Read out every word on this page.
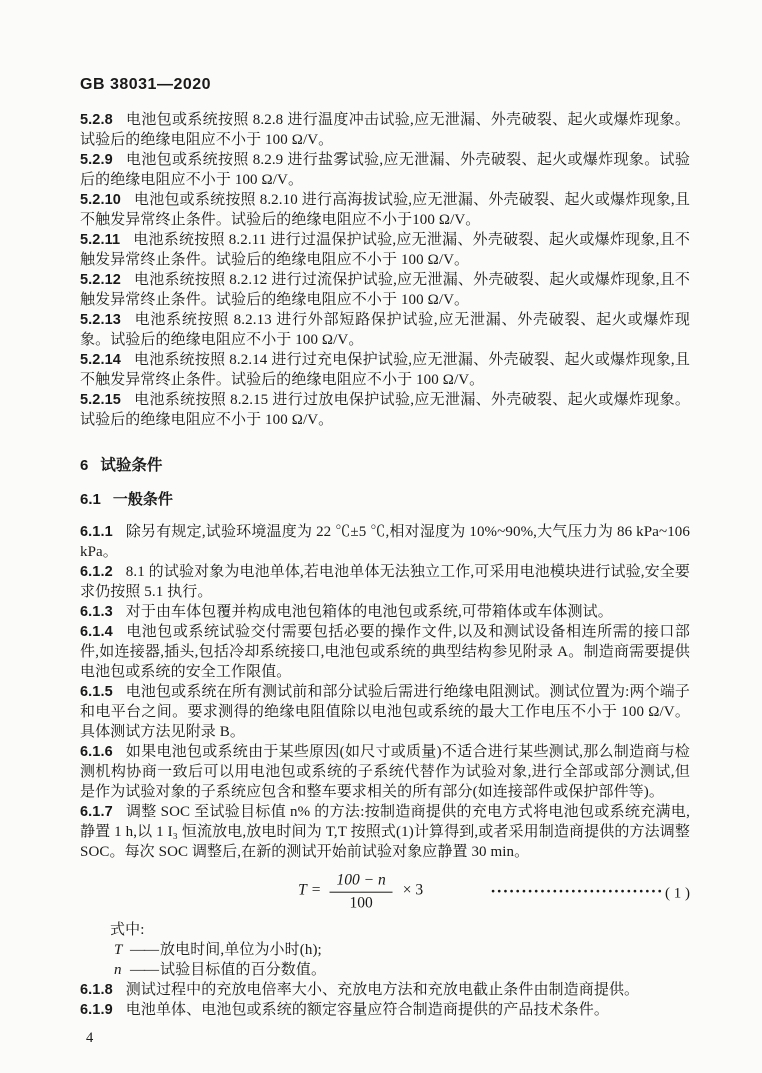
GB 38031—2020

5.2.8 电池包或系统按照 8.2.8 进行温度冲击试验,应无泄漏、外壳破裂、起火或爆炸现象。试验后的绝缘电阻应不小于 100 Ω/V。

5.2.9 电池包或系统按照 8.2.9 进行盐雾试验,应无泄漏、外壳破裂、起火或爆炸现象。试验后的绝缘电阻应不小于 100 Ω/V。

5.2.10 电池包或系统按照 8.2.10 进行高海拔试验,应无泄漏、外壳破裂、起火或爆炸现象,且不触发异常终止条件。试验后的绝缘电阻应不小于100 Ω/V。

5.2.11 电池系统按照 8.2.11 进行过温保护试验,应无泄漏、外壳破裂、起火或爆炸现象,且不触发异常终止条件。试验后的绝缘电阻应不小于 100 Ω/V。

5.2.12 电池系统按照 8.2.12 进行过流保护试验,应无泄漏、外壳破裂、起火或爆炸现象,且不触发异常终止条件。试验后的绝缘电阻应不小于 100 Ω/V。

5.2.13 电池系统按照 8.2.13 进行外部短路保护试验,应无泄漏、外壳破裂、起火或爆炸现象。试验后的绝缘电阻应不小于 100 Ω/V。

5.2.14 电池系统按照 8.2.14 进行过充电保护试验,应无泄漏、外壳破裂、起火或爆炸现象,且不触发异常终止条件。试验后的绝缘电阻应不小于 100 Ω/V。

5.2.15 电池系统按照 8.2.15 进行过放电保护试验,应无泄漏、外壳破裂、起火或爆炸现象。试验后的绝缘电阻应不小于 100 Ω/V。

6 试验条件
6.1 一般条件

6.1.1 除另有规定,试验环境温度为 22 ℃±5 ℃,相对湿度为 10%~90%,大气压力为 86 kPa~106 kPa。

6.1.2 8.1 的试验对象为电池单体,若电池单体无法独立工作,可采用电池模块进行试验,安全要求仍按照 5.1 执行。

6.1.3 对于由车体包覆并构成电池包箱体的电池包或系统,可带箱体或车体测试。

6.1.4 电池包或系统试验交付需要包括必要的操作文件,以及和测试设备相连所需的接口部件,如连接器,插头,包括冷却系统接口,电池包或系统的典型结构参见附录 A。制造商需要提供电池包或系统的安全工作限值。

6.1.5 电池包或系统在所有测试前和部分试验后需进行绝缘电阻测试。测试位置为:两个端子和电平台之间。要求测得的绝缘电阻值除以电池包或系统的最大工作电压不小于 100 Ω/V。具体测试方法见附录 B。

6.1.6 如果电池包或系统由于某些原因(如尺寸或质量)不适合进行某些测试,那么制造商与检测机构协商一致后可以用电池包或系统的子系统代替作为试验对象,进行全部或部分测试,但是作为试验对象的子系统应包含和整车要求相关的所有部分(如连接部件或保护部件等)。

6.1.7 调整 SOC 至试验目标值 n% 的方法:按制造商提供的充电方式将电池包或系统充满电,静置 1 h,以 1 I₃ 恒流放电,放电时间为 T,T 按照式(1)计算得到,或者采用制造商提供的方法调整 SOC。每次 SOC 调整后,在新的测试开始前试验对象应静置 30 min。

$T = \frac{100 - n}{100} \times 3$	···························· ( 1 )

式中:

T —— 放电时间,单位为小时(h);

n —— 试验目标值的百分数值。

6.1.8 测试过程中的充放电倍率大小、充放电方法和充放电截止条件由制造商提供。

6.1.9 电池单体、电池包或系统的额定容量应符合制造商提供的产品技术条件。

4
